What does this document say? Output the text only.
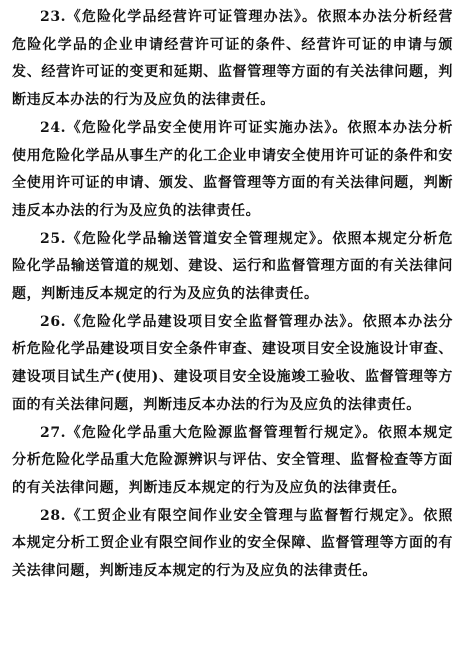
23.《危险化学品经营许可证管理办法》。依照本办法分析经营危险化学品的企业申请经营许可证的条件、经营许可证的申请与颁发、经营许可证的变更和延期、监督管理等方面的有关法律问题，判断违反本办法的行为及应负的法律责任。

24.《危险化学品安全使用许可证实施办法》。依照本办法分析使用危险化学品从事生产的化工企业申请安全使用许可证的条件和安全使用许可证的申请、颁发、监督管理等方面的有关法律问题，判断违反本办法的行为及应负的法律责任。

25.《危险化学品输送管道安全管理规定》。依照本规定分析危险化学品输送管道的规划、建设、运行和监督管理方面的有关法律问题，判断违反本规定的行为及应负的法律责任。

26.《危险化学品建设项目安全监督管理办法》。依照本办法分析危险化学品建设项目安全条件审查、建设项目安全设施设计审查、建设项目试生产(使用)、建设项目安全设施竣工验收、监督管理等方面的有关法律问题，判断违反本办法的行为及应负的法律责任。

27.《危险化学品重大危险源监督管理暂行规定》。依照本规定分析危险化学品重大危险源辨识与评估、安全管理、监督检查等方面的有关法律问题，判断违反本规定的行为及应负的法律责任。

28.《工贸企业有限空间作业安全管理与监督暂行规定》。依照本规定分析工贸企业有限空间作业的安全保障、监督管理等方面的有关法律问题，判断违反本规定的行为及应负的法律责任。
